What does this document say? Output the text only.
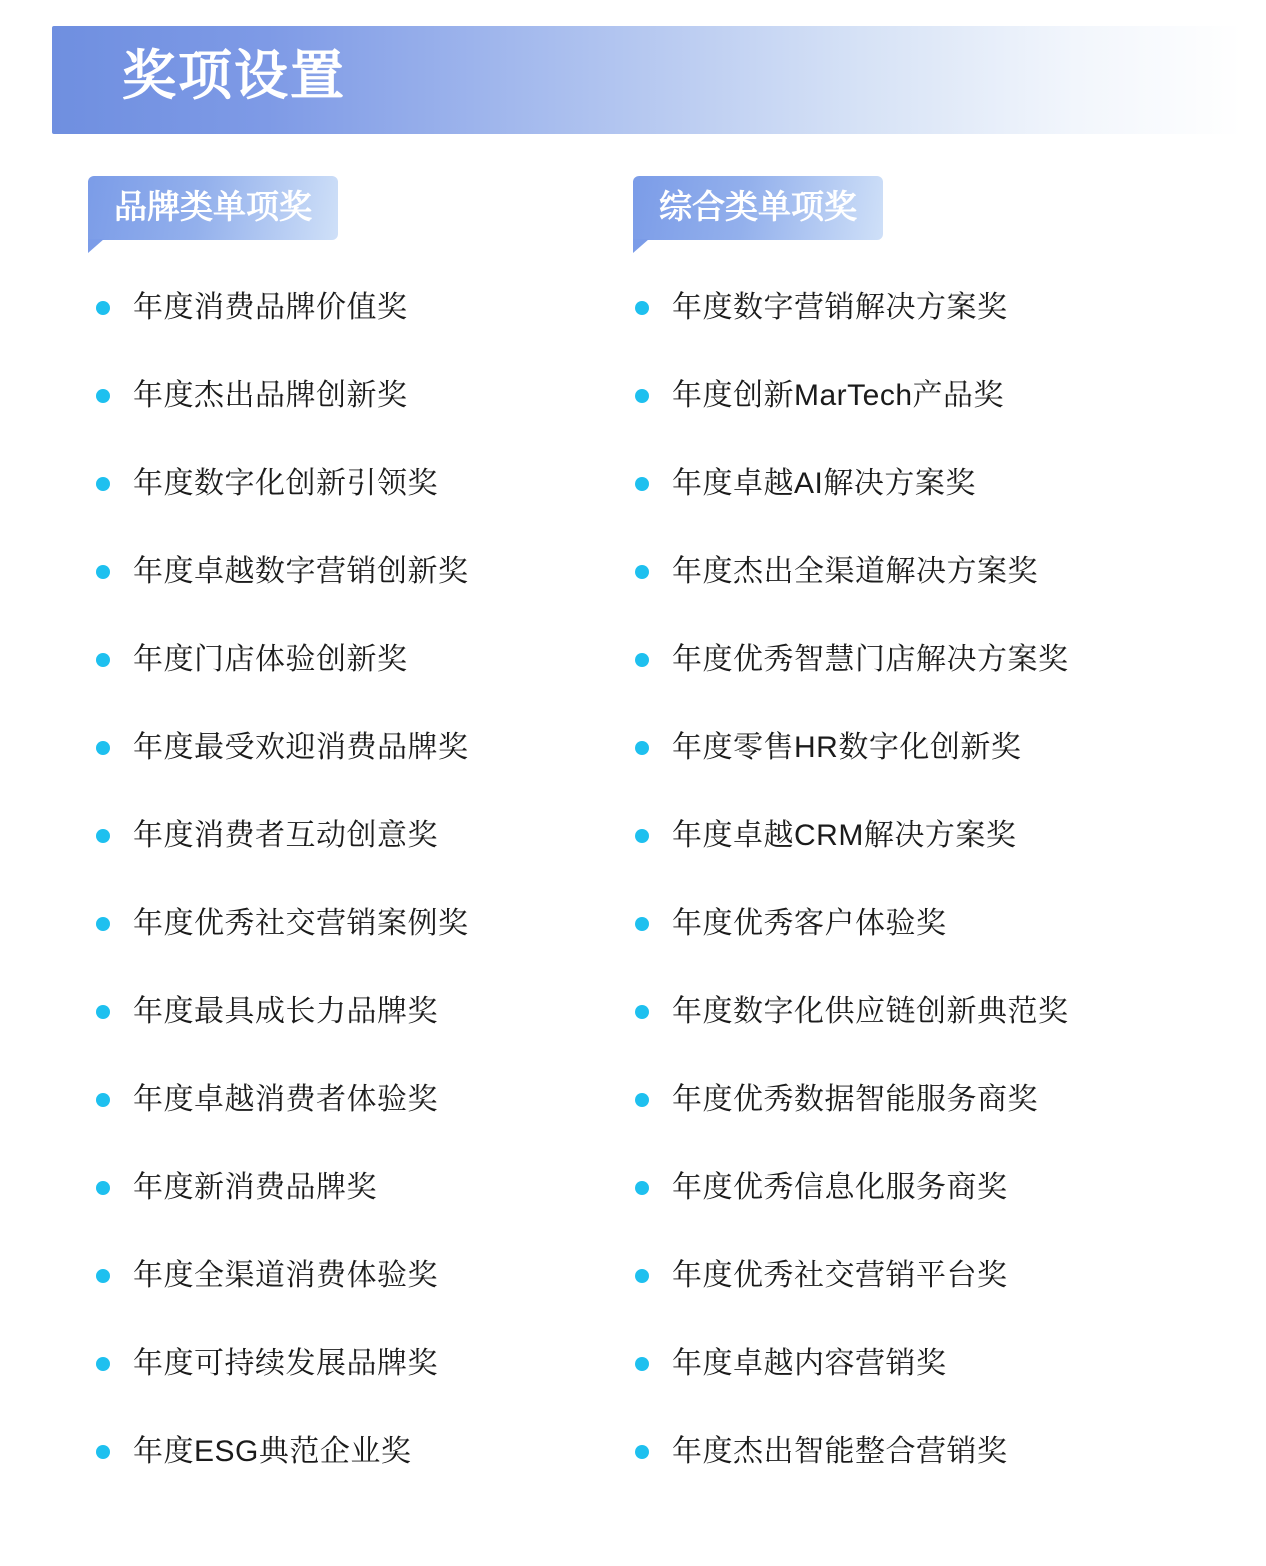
奖项设置
品牌类单项奖
年度消费品牌价值奖
年度杰出品牌创新奖
年度数字化创新引领奖
年度卓越数字营销创新奖
年度门店体验创新奖
年度最受欢迎消费品牌奖
年度消费者互动创意奖
年度优秀社交营销案例奖
年度最具成长力品牌奖
年度卓越消费者体验奖
年度新消费品牌奖
年度全渠道消费体验奖
年度可持续发展品牌奖
年度ESG典范企业奖
综合类单项奖
年度数字营销解决方案奖
年度创新MarTech产品奖
年度卓越AI解决方案奖
年度杰出全渠道解决方案奖
年度优秀智慧门店解决方案奖
年度零售HR数字化创新奖
年度卓越CRM解决方案奖
年度优秀客户体验奖
年度数字化供应链创新典范奖
年度优秀数据智能服务商奖
年度优秀信息化服务商奖
年度优秀社交营销平台奖
年度卓越内容营销奖
年度杰出智能整合营销奖
